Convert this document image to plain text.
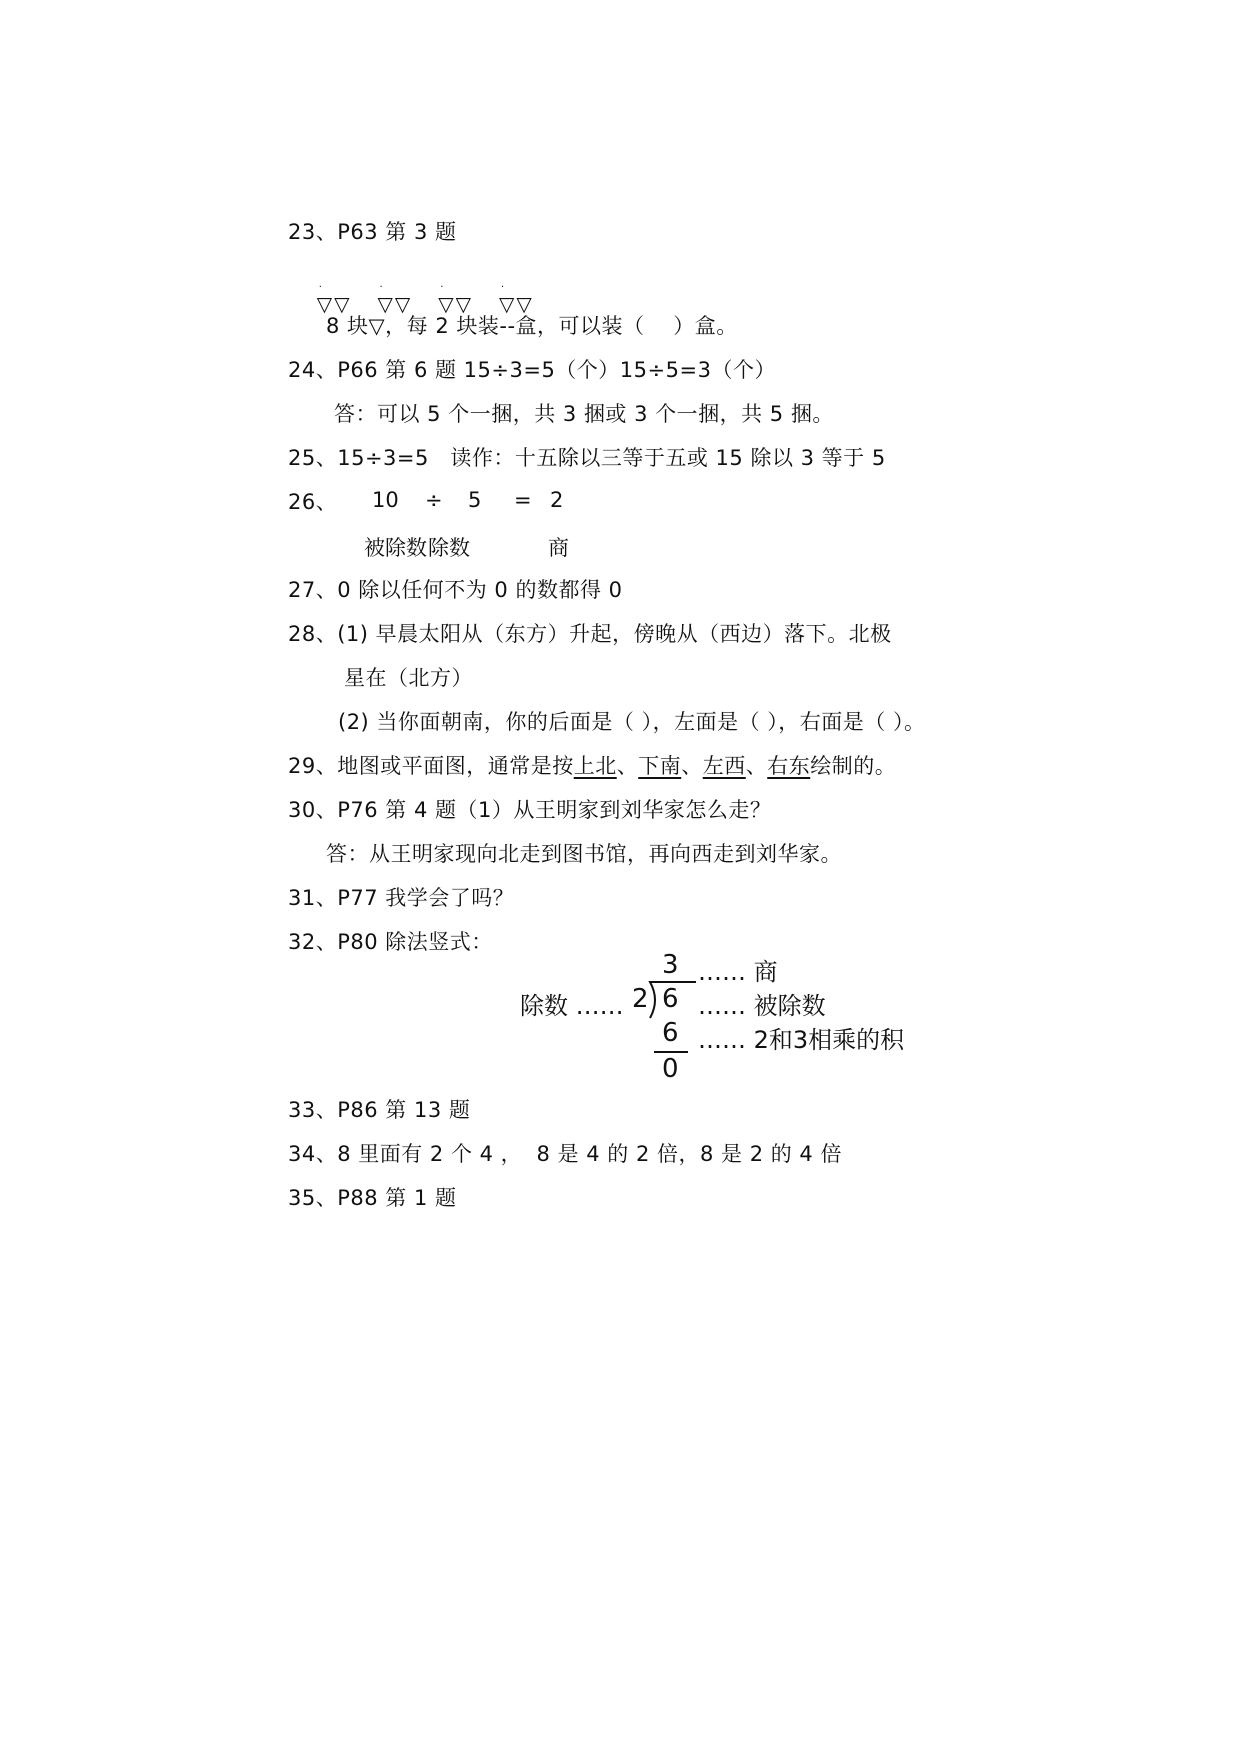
23、P63 第 3 题

·
▽▽
·
▽▽
·
▽▽
·
▽▽

8 块▽，每 2 块装--盒，可以装（    ）盒。
24、P66 第 6 题 15÷3=5（个）15÷5=3（个）
答：可以 5 个一捆，共 3 捆或 3 个一捆，共 5 捆。
25、15÷3=5   读作：十五除以三等于五或 15 除以 3 等于 5
26、 10 ÷ 5 = 2
被除数 除数	商
27、0 除以任何不为 0 的数都得 0
28、(1) 早晨太阳从（东方）升起，傍晚从（西边）落下。北极
星在（北方）
(2) 当你面朝南，你的后面是（ ），左面是（ ），右面是（ ）。
29、地图或平面图，通常是按上北、下南、左西、右东绘制的。
30、P76 第 4 题（1）从王明家到刘华家怎么走？
答：从王明家现向北走到图书馆，再向西走到刘华家。
31、P77 我学会了吗？
32、P80 除法竖式：
3 …… 商
除数 …… 2 6 …… 被除数
6 …… 2和3相乘的积
0
33、P86 第 13 题
34、8 里面有 2 个 4 ，  8 是 4 的 2 倍，8 是 2 的 4 倍
35、P88 第 1 题
